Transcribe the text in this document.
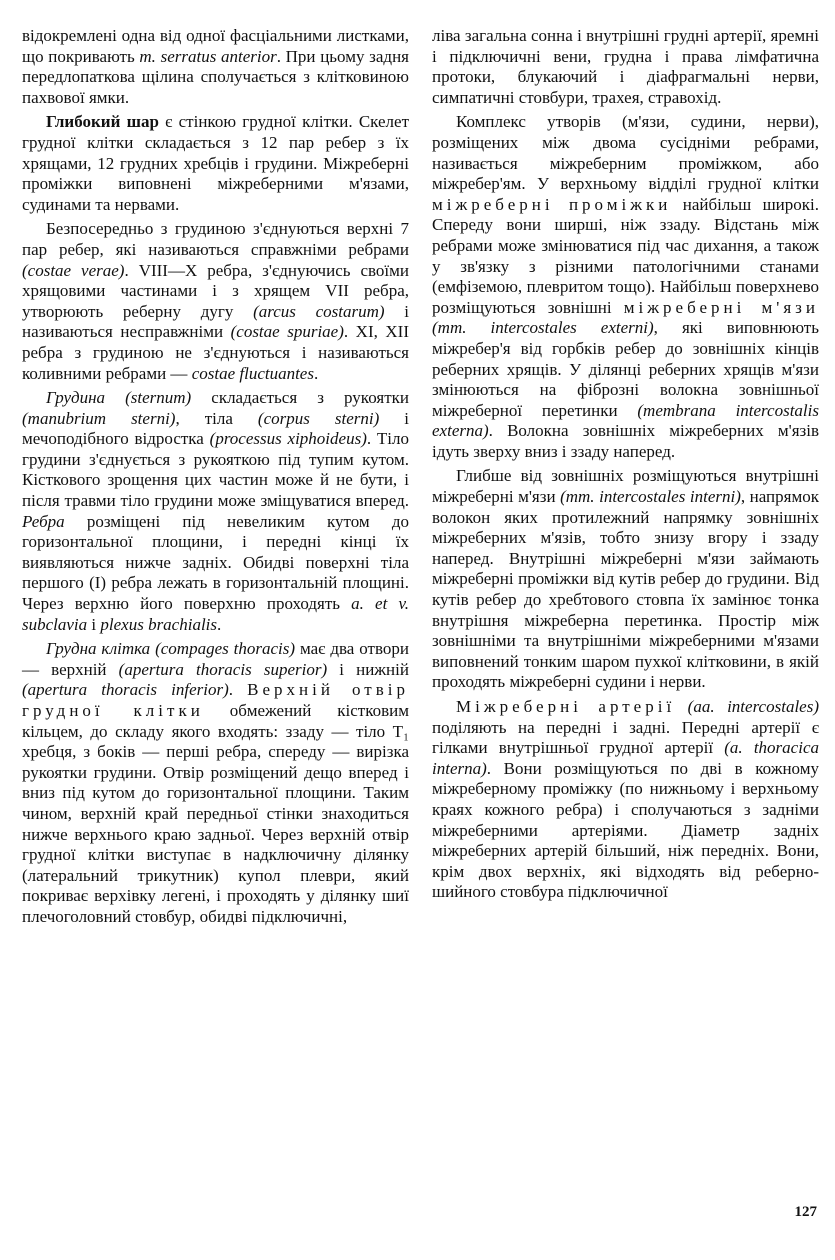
відокремлені одна від одної фасціальними листками, що покривають m. serratus anterior. При цьому задня передлопаткова щілина сполучається з клітковиною пахвової ямки.

Глибокий шар є стінкою грудної клітки. Скелет грудної клітки складається з 12 пар ребер з їх хрящами, 12 грудних хребців і грудини. Міжреберні проміжки виповнені міжреберними м'язами, судинами та нервами.

Безпосередньо з грудиною з'єднуються верхні 7 пар ребер, які називаються справжніми ребрами (costae verae). VIII—X ребра, з'єднуючись своїми хрящовими частинами і з хрящем VII ребра, утворюють реберну дугу (arcus costarum) і називаються несправжніми (costae spuriae). XI, XII ребра з грудиною не з'єднуються і називаються коливними ребрами — costae fluctuantes.

Грудина (sternum) складається з рукоятки (manubrium sterni), тіла (corpus sterni) і мечоподібного відростка (processus xiphoideus). Тіло грудини з'єднується з рукояткою під тупим кутом. Кісткового зрощення цих частин може й не бути, і після травми тіло грудини може зміщуватися вперед. Ребра розміщені під невеликим кутом до горизонтальної площини, і передні кінці їх виявляються нижче задніх. Обидві поверхні тіла першого (I) ребра лежать в горизонтальній площині. Через верхню його поверхню проходять a. et v. subclavia і plexus brachialis.

Грудна клітка (compages thoracis) має два отвори — верхній (apertura thoracis superior) і нижній (apertura thoracis inferior). Верхній отвір грудної клітки обмежений кістковим кільцем, до складу якого входять: ззаду — тіло T₁ хребця, з боків — перші ребра, спереду — вирізка рукоятки грудини. Отвір розміщений дещо вперед і вниз під кутом до горизонтальної площини. Таким чином, верхній край передньої стінки знаходиться нижче верхнього краю задньої. Через верхній отвір грудної клітки виступає в надключичну ділянку (латеральний трикутник) купол плеври, який покриває верхівку легені, і проходять у ділянку шиї плечоголовний стовбур, обидві підключичні,

ліва загальна сонна і внутрішні грудні артерії, яремні і підключичні вени, грудна і права лімфатична протоки, блукаючий і діафрагмальні нерви, симпатичні стовбури, трахея, стравохід.

Комплекс утворів (м'язи, судини, нерви), розміщених між двома сусідніми ребрами, називається міжреберним проміжком, або міжребер'ям. У верхньому відділі грудної клітки міжреберні проміжки найбільш широкі. Спереду вони ширші, ніж ззаду. Відстань між ребрами може змінюватися під час дихання, а також у зв'язку з різними патологічними станами (емфіземою, плевритом тощо). Найбільш поверхнево розміщуються зовнішні міжреберні м'язи (mm. intercostales externi), які виповнюють міжребер'я від горбків ребер до зовнішніх кінців реберних хрящів. У ділянці реберних хрящів м'язи змінюються на фіброзні волокна зовнішньої міжреберної перетинки (membrana intercostalis externa). Волокна зовнішніх міжреберних м'язів ідуть зверху вниз і ззаду наперед.

Глибше від зовнішніх розміщуються внутрішні міжреберні м'язи (mm. intercostales interni), напрямок волокон яких протилежний напрямку зовнішніх міжреберних м'язів, тобто знизу вгору і ззаду наперед. Внутрішні міжреберні м'язи займають міжреберні проміжки від кутів ребер до грудини. Від кутів ребер до хребтового стовпа їх замінює тонка внутрішня міжреберна перетинка. Простір між зовнішніми та внутрішніми міжреберними м'язами виповнений тонким шаром пухкої клітковини, в якій проходять міжреберні судини і нерви.

Міжреберні артерії (aa. intercostales) поділяють на передні і задні. Передні артерії є гілками внутрішньої грудної артерії (a. thoracica interna). Вони розміщуються по дві в кожному міжреберному проміжку (по нижньому і верхньому краях кожного ребра) і сполучаються з задніми міжреберними артеріями. Діаметр задніх міжреберних артерій більший, ніж передніх. Вони, крім двох верхніх, які відходять від реберно-шийного стовбура підключичної

127
